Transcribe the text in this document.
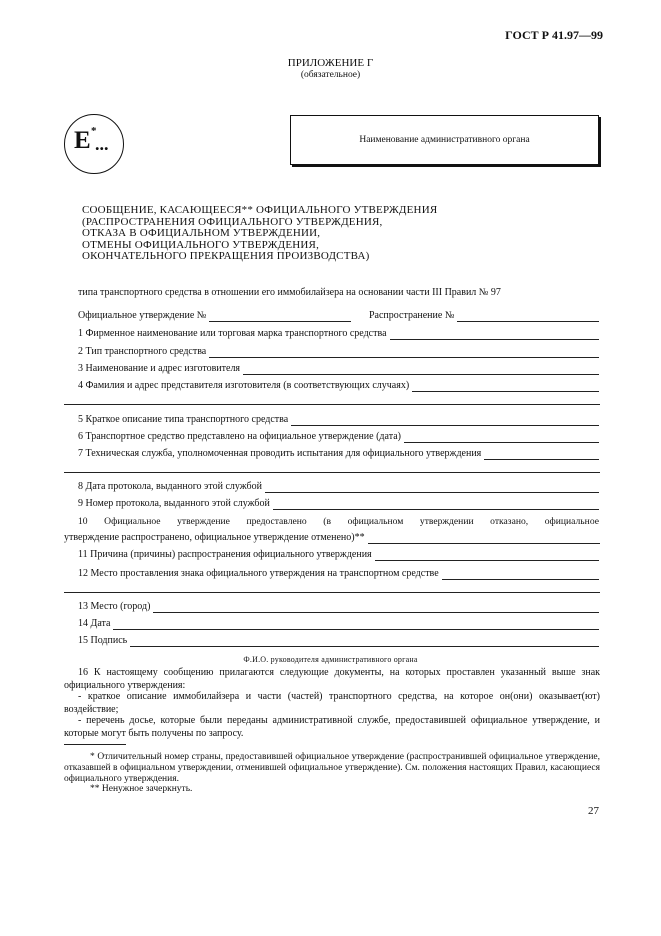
ГОСТ Р 41.97—99
ПРИЛОЖЕНИЕ Г
(обязательное)
E *
...	Наименование административного органа
СООБЩЕНИЕ, КАСАЮЩЕЕСЯ** ОФИЦИАЛЬНОГО УТВЕРЖДЕНИЯ
(РАСПРОСТРАНЕНИЯ ОФИЦИАЛЬНОГО УТВЕРЖДЕНИЯ,
ОТКАЗА В ОФИЦИАЛЬНОМ УТВЕРЖДЕНИИ,
ОТМЕНЫ ОФИЦИАЛЬНОГО УТВЕРЖДЕНИЯ,
ОКОНЧАТЕЛЬНОГО ПРЕКРАЩЕНИЯ ПРОИЗВОДСТВА)
типа транспортного средства в отношении его иммобилайзера на основании части III Правил № 97
Официальное утверждение №	Распространение №
1 Фирменное наименование или торговая марка транспортного средства
2 Тип транспортного средства
3 Наименование и адрес изготовителя
4 Фамилия и адрес представителя изготовителя (в соответствующих случаях)
5 Краткое описание типа транспортного средства
6 Транспортное средство представлено на официальное утверждение (дата)
7 Техническая служба, уполномоченная проводить испытания для официального утверждения
8 Дата протокола, выданного этой службой
9 Номер протокола, выданного этой службой
10 Официальное утверждение предоставлено (в официальном утверждении отказано, официальное
утверждение распространено, официальное утверждение отменено)**
11 Причина (причины) распространения официального утверждения
12 Место проставления знака официального утверждения на транспортном средстве
13 Место (город)
14 Дата
15 Подпись
Ф.И.О. руководителя административного органа
16 К настоящему сообщению прилагаются следующие документы, на которых проставлен указанный выше знак официального утверждения:
- краткое описание иммобилайзера и части (частей) транспортного средства, на которое он(они) оказывает(ют) воздействие;
- перечень досье, которые были переданы административной службе, предоставившей официальное утверждение, и которые могут быть получены по запросу.
* Отличительный номер страны, предоставившей официальное утверждение (распространившей официальное утверждение, отказавшей в официальном утверждении, отменившей официальное утверждение). См. положения настоящих Правил, касающиеся официального утверждения.
** Ненужное зачеркнуть.
27
